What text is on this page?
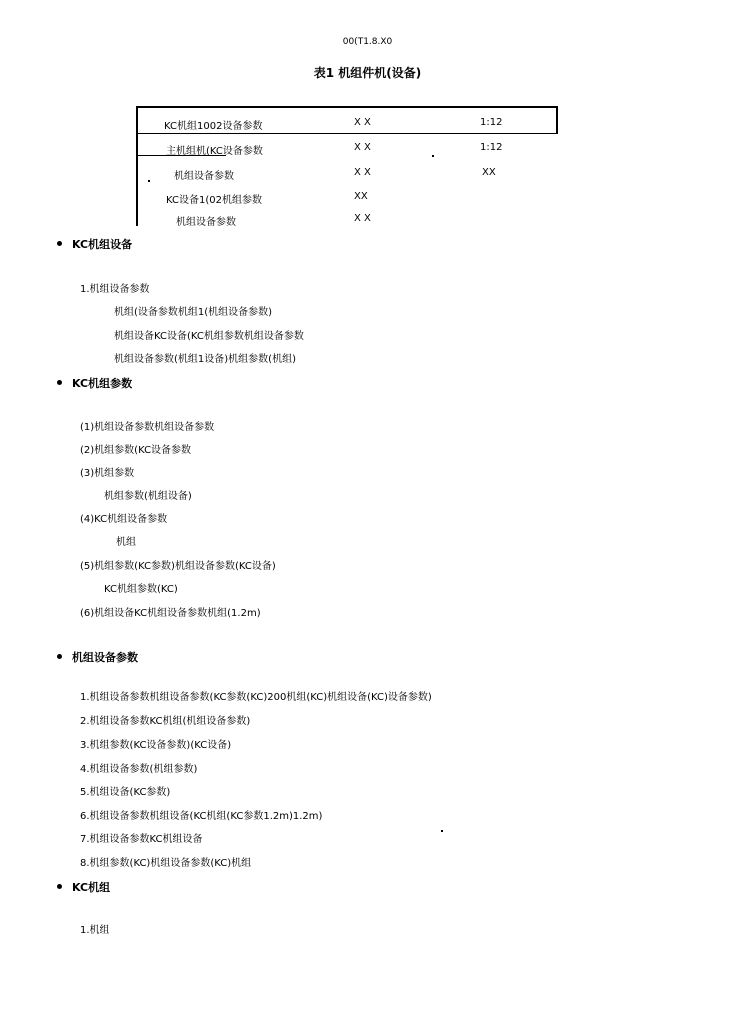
00(T1.8.X0
表1 机组件机(设备)
KC机组1002设备参数	X X	1:12
主机组机(KC设备参数	X X	1:12
机组设备参数	X X	XX
KC设备1(02机组参数	XX
机组设备参数	X X
KC机组设备
1.机组设备参数
机组(设备参数机组1(机组设备参数)
机组设备KC设备(KC机组参数机组设备参数
机组设备参数(机组1设备)机组参数(机组)
KC机组参数
(1)机组设备参数机组设备参数
(2)机组参数(KC设备参数
(3)机组参数
机组参数(机组设备)
(4)KC机组设备参数
机组
(5)机组参数(KC参数)机组设备参数(KC设备)
KC机组参数(KC)
(6)机组设备KC机组设备参数机组(1.2m)
机组设备参数
1.机组设备参数机组设备参数(KC参数(KC)200机组(KC)机组设备(KC)设备参数)
2.机组设备参数KC机组(机组设备参数)
3.机组参数(KC设备参数)(KC设备)
4.机组设备参数(机组参数)
5.机组设备(KC参数)
6.机组设备参数机组设备(KC机组(KC参数1.2m)1.2m)
7.机组设备参数KC机组设备
8.机组参数(KC)机组设备参数(KC)机组
KC机组
1.机组
